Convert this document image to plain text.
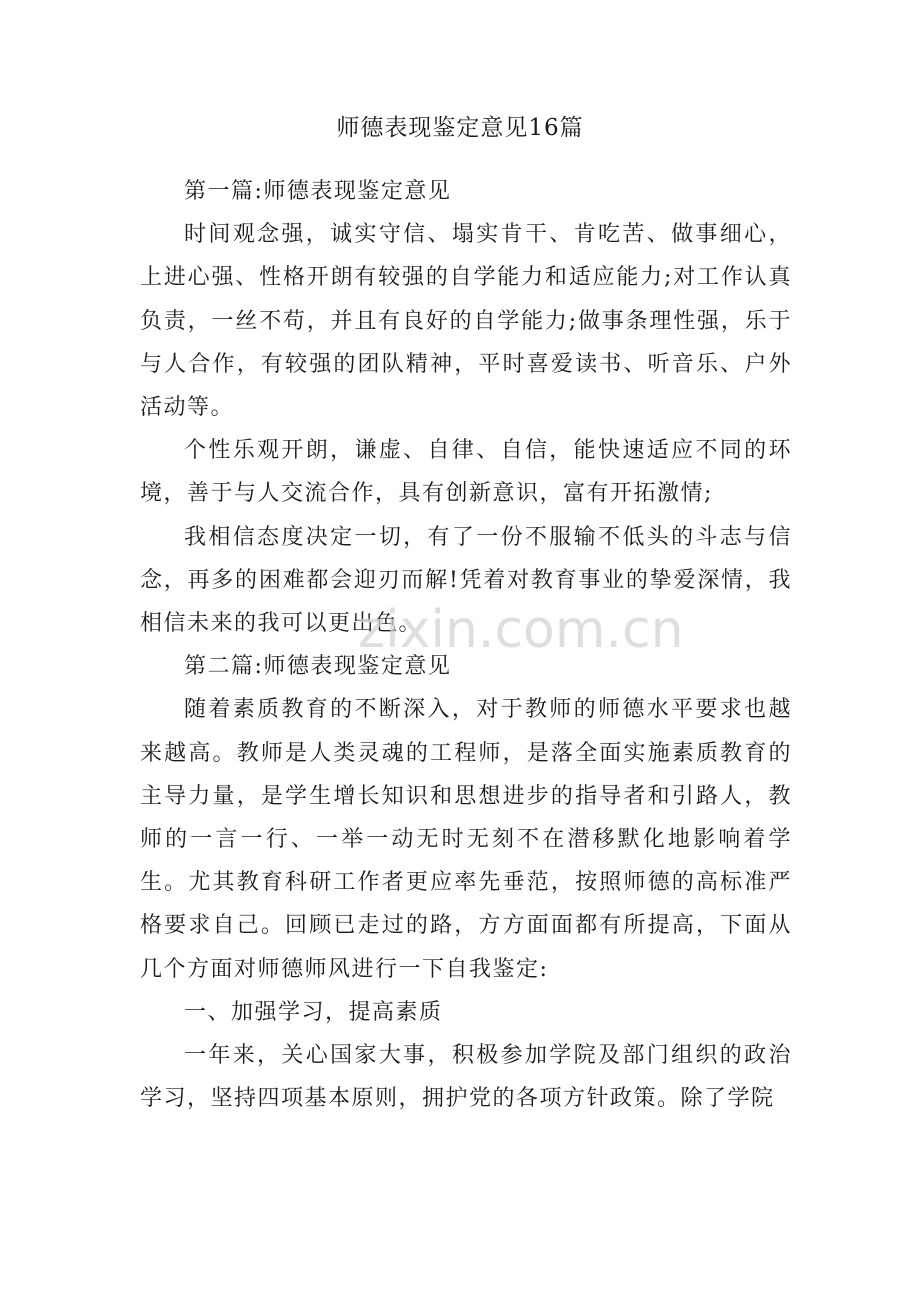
师德表现鉴定意见16篇

第一篇:师德表现鉴定意见

时间观念强，诚实守信、塌实肯干、肯吃苦、做事细心，上进心强、性格开朗有较强的自学能力和适应能力;对工作认真负责，一丝不苟，并且有良好的自学能力;做事条理性强，乐于与人合作，有较强的团队精神，平时喜爱读书、听音乐、户外活动等。

个性乐观开朗，谦虚、自律、自信，能快速适应不同的环境，善于与人交流合作，具有创新意识，富有开拓激情;

我相信态度决定一切，有了一份不服输不低头的斗志与信念，再多的困难都会迎刃而解!凭着对教育事业的挚爱深情，我相信未来的我可以更出色。

第二篇:师德表现鉴定意见

随着素质教育的不断深入，对于教师的师德水平要求也越来越高。教师是人类灵魂的工程师，是落全面实施素质教育的主导力量，是学生增长知识和思想进步的指导者和引路人，教师的一言一行、一举一动无时无刻不在潜移默化地影响着学生。尤其教育科研工作者更应率先垂范，按照师德的高标准严格要求自己。回顾已走过的路，方方面面都有所提高，下面从几个方面对师德师风进行一下自我鉴定:

一、加强学习，提高素质

一年来，关心国家大事，积极参加学院及部门组织的政治学习，坚持四项基本原则，拥护党的各项方针政策。除了学院

zixin.com.cn
